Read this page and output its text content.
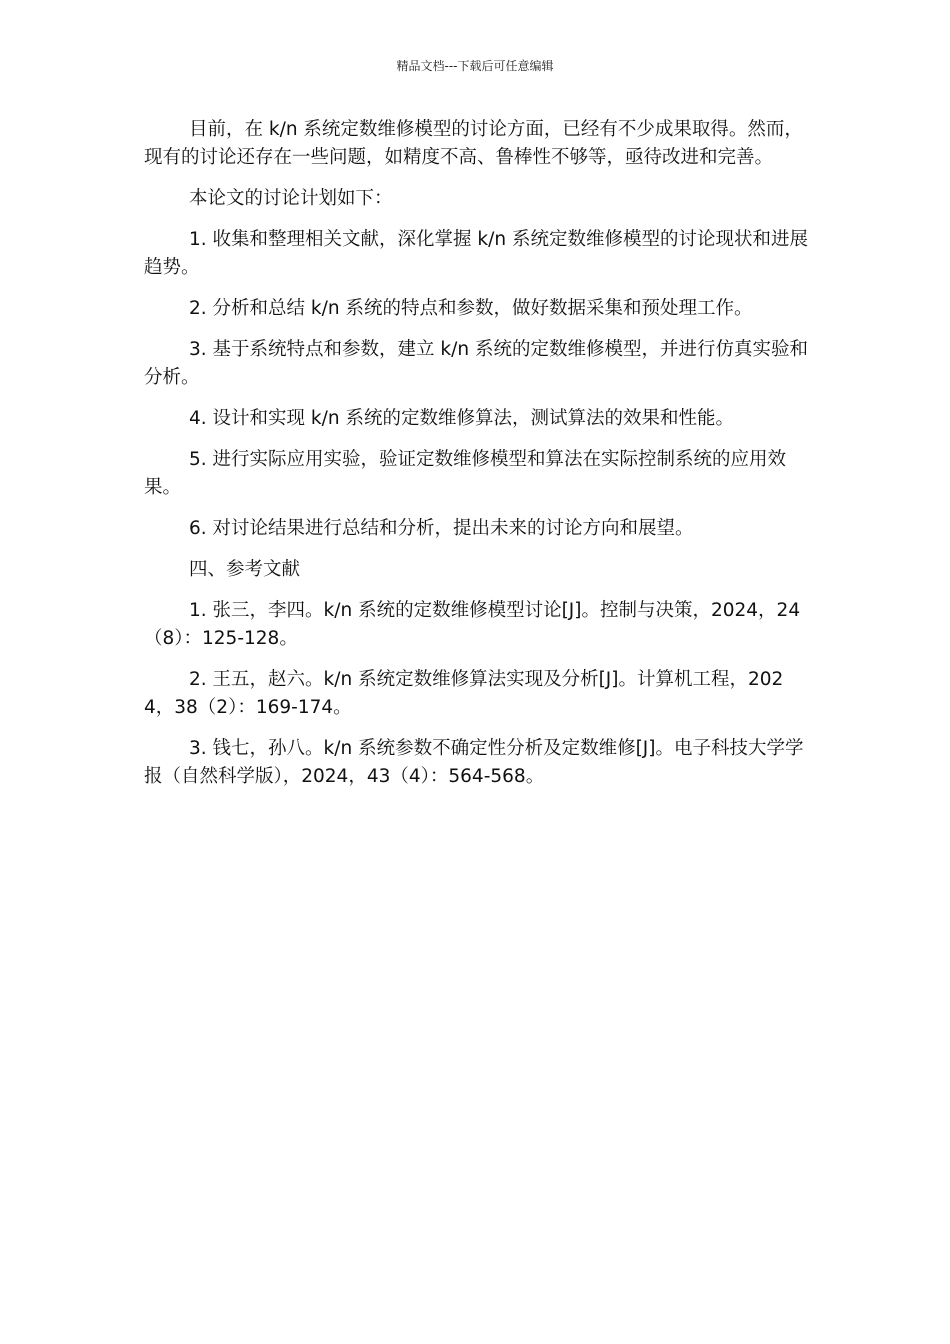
精品文档---下载后可任意编辑

目前，在 k/n 系统定数维修模型的讨论方面，已经有不少成果取得。然而，现有的讨论还存在一些问题，如精度不高、鲁棒性不够等，亟待改进和完善。

本论文的讨论计划如下：

1. 收集和整理相关文献，深化掌握 k/n 系统定数维修模型的讨论现状和进展趋势。

2. 分析和总结 k/n 系统的特点和参数，做好数据采集和预处理工作。

3. 基于系统特点和参数，建立 k/n 系统的定数维修模型，并进行仿真实验和分析。

4. 设计和实现 k/n 系统的定数维修算法，测试算法的效果和性能。

5. 进行实际应用实验，验证定数维修模型和算法在实际控制系统的应用效果。

6. 对讨论结果进行总结和分析，提出未来的讨论方向和展望。

四、参考文献

1. 张三，李四。k/n 系统的定数维修模型讨论[J]。控制与决策，2024，24（8）：125-128。

2. 王五，赵六。k/n 系统定数维修算法实现及分析[J]。计算机工程，2024，38（2）：169-174。

3. 钱七，孙八。k/n 系统参数不确定性分析及定数维修[J]。电子科技大学学报（自然科学版），2024，43（4）：564-568。
